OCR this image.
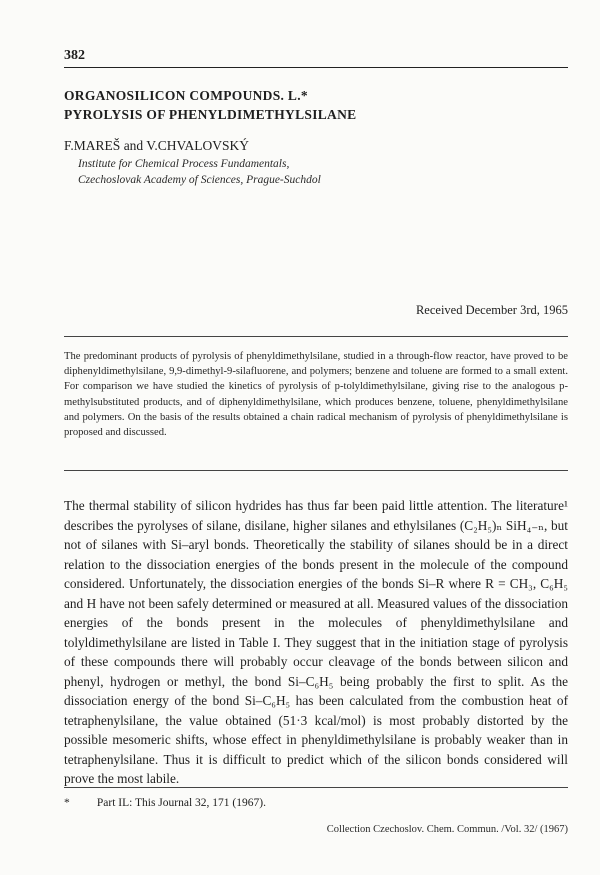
382
ORGANOSILICON COMPOUNDS. L.*
PYROLYSIS OF PHENYLDIMETHYLSILANE
F.MAREŠ and V.CHVALOVSKÝ
Institute for Chemical Process Fundamentals,
Czechoslovak Academy of Sciences, Prague-Suchdol
Received December 3rd, 1965
The predominant products of pyrolysis of phenyldimethylsilane, studied in a through-flow reactor, have proved to be diphenyldimethylsilane, 9,9-dimethyl-9-silafluorene, and polymers; benzene and toluene are formed to a small extent. For comparison we have studied the kinetics of pyrolysis of p-tolyldimethylsilane, giving rise to the analogous p-methylsubstituted products, and of diphenyldimethylsilane, which produces benzene, toluene, phenyldimethylsilane and polymers. On the basis of the results obtained a chain radical mechanism of pyrolysis of phenyldimethylsilane is proposed and discussed.
The thermal stability of silicon hydrides has thus far been paid little attention. The literature¹ describes the pyrolyses of silane, disilane, higher silanes and ethylsilanes (C₂H₅)ₙ SiH₄₋ₙ, but not of silanes with Si–aryl bonds. Theoretically the stability of silanes should be in a direct relation to the dissociation energies of the bonds present in the molecule of the compound considered. Unfortunately, the dissociation energies of the bonds Si–R where R = CH₃, C₆H₅ and H have not been safely determined or measured at all. Measured values of the dissociation energies of the bonds present in the molecules of phenyldimethylsilane and tolyldimethylsilane are listed in Table I. They suggest that in the initiation stage of pyrolysis of these compounds there will probably occur cleavage of the bonds between silicon and phenyl, hydrogen or methyl, the bond Si–C₆H₅ being probably the first to split. As the dissociation energy of the bond Si–C₆H₅ has been calculated from the combustion heat of tetraphenylsilane, the value obtained (51·3 kcal/mol) is most probably distorted by the possible mesomeric shifts, whose effect in phenyldimethylsilane is probably weaker than in tetraphenylsilane. Thus it is difficult to predict which of the silicon bonds considered will prove the most labile.
* Part IL: This Journal 32, 171 (1967).
Collection Czechoslov. Chem. Commun. /Vol. 32/ (1967)
